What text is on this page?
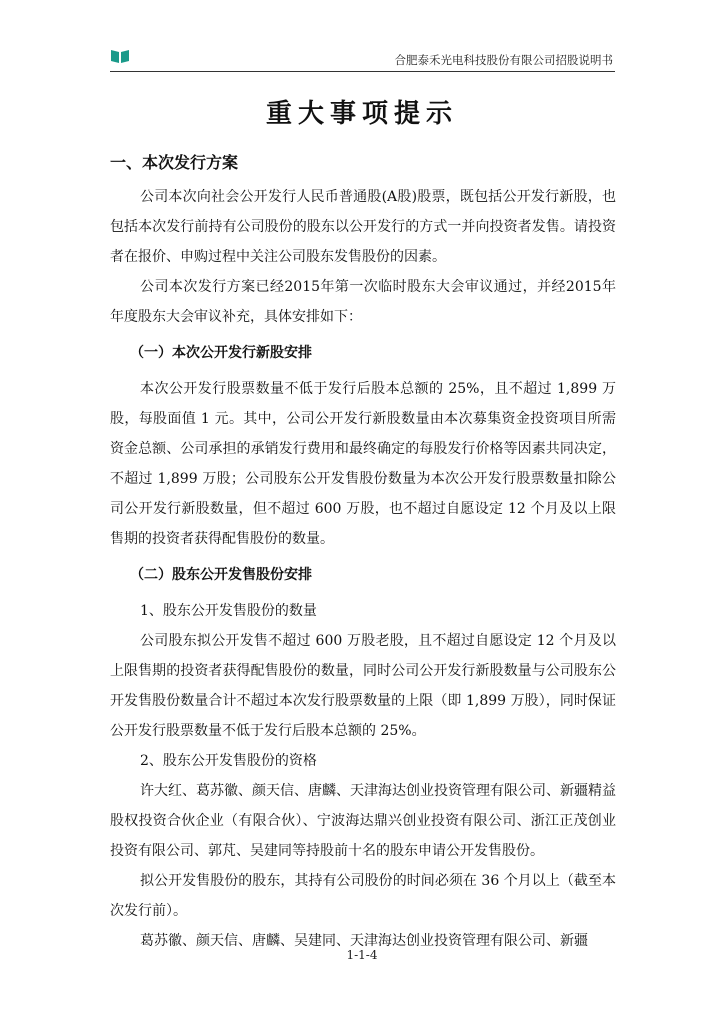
合肥泰禾光电科技股份有限公司招股说明书
重大事项提示
一、本次发行方案

公司本次向社会公开发行人民币普通股(A股)股票，既包括公开发行新股，也包括本次发行前持有公司股份的股东以公开发行的方式一并向投资者发售。请投资者在报价、申购过程中关注公司股东发售股份的因素。

公司本次发行方案已经2015年第一次临时股东大会审议通过，并经2015年年度股东大会审议补充，具体安排如下：

（一）本次公开发行新股安排

本次公开发行股票数量不低于发行后股本总额的 25%，且不超过 1,899 万股，每股面值 1 元。其中，公司公开发行新股数量由本次募集资金投资项目所需资金总额、公司承担的承销发行费用和最终确定的每股发行价格等因素共同决定，不超过 1,899 万股；公司股东公开发售股份数量为本次公开发行股票数量扣除公司公开发行新股数量，但不超过 600 万股，也不超过自愿设定 12 个月及以上限售期的投资者获得配售股份的数量。

（二）股东公开发售股份安排

1、股东公开发售股份的数量

公司股东拟公开发售不超过 600 万股老股，且不超过自愿设定 12 个月及以上限售期的投资者获得配售股份的数量，同时公司公开发行新股数量与公司股东公开发售股份数量合计不超过本次发行股票数量的上限（即 1,899 万股），同时保证公开发行股票数量不低于发行后股本总额的 25%。

2、股东公开发售股份的资格

许大红、葛苏徽、颜天信、唐麟、天津海达创业投资管理有限公司、新疆精益股权投资合伙企业（有限合伙）、宁波海达鼎兴创业投资有限公司、浙江正茂创业投资有限公司、郭芃、吴建同等持股前十名的股东申请公开发售股份。

拟公开发售股份的股东，其持有公司股份的时间必须在 36 个月以上（截至本次发行前）。

葛苏徽、颜天信、唐麟、吴建同、天津海达创业投资管理有限公司、新疆

1-1-4
